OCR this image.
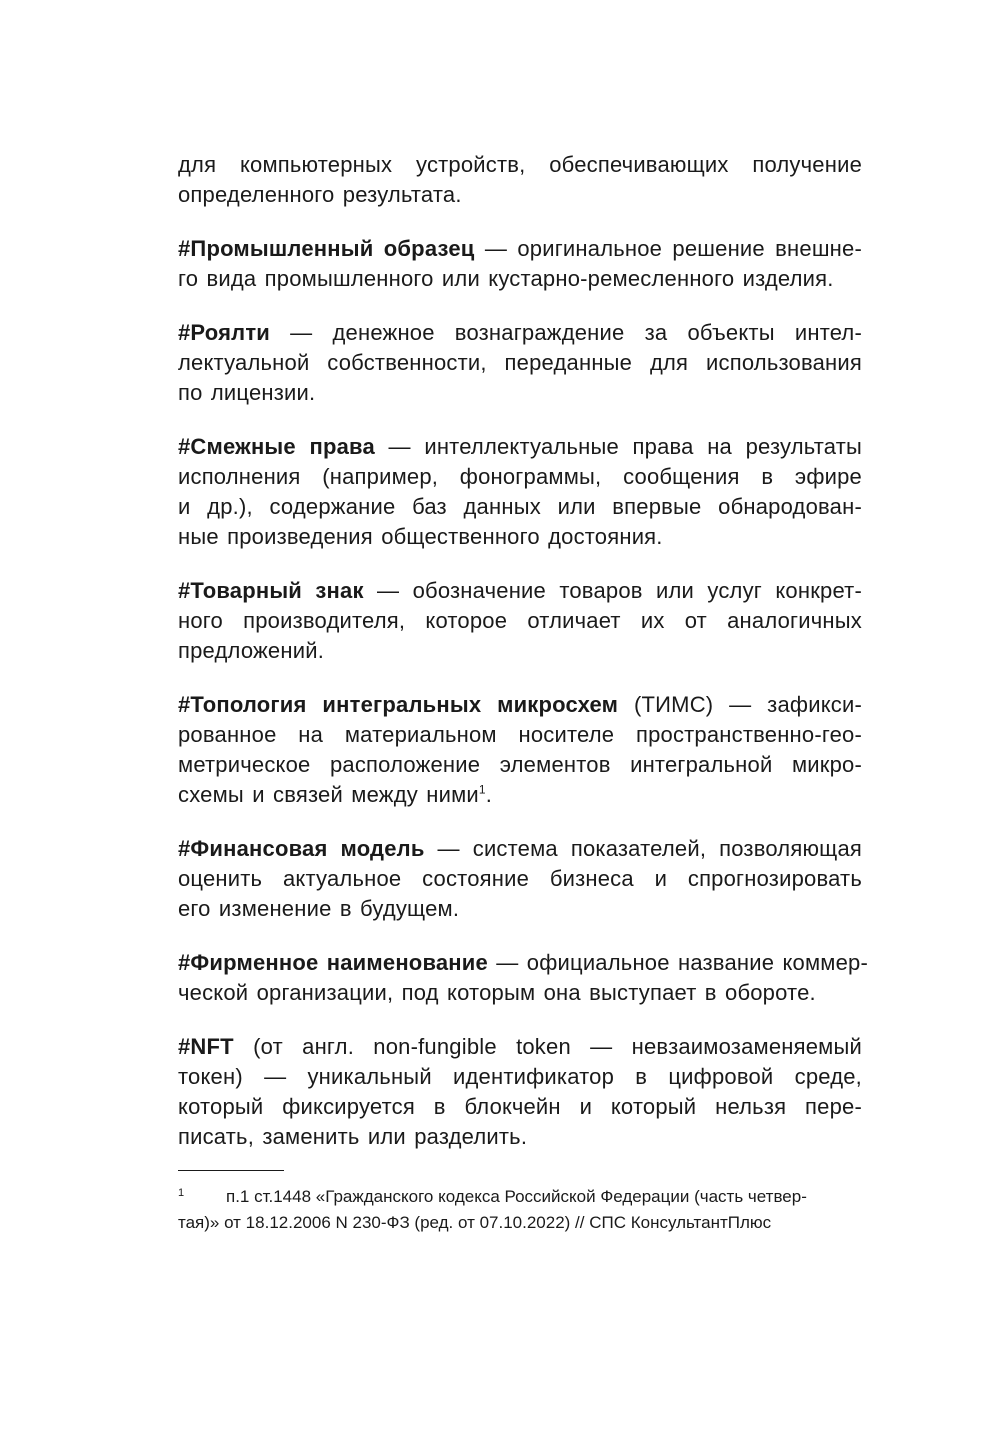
для компьютерных устройств, обеспечивающих получение
определенного результата.

#Промышленный образец — оригинальное решение внешне-
го вида промышленного или кустарно-ремесленного изделия.

#Роялти — денежное вознаграждение за объекты интел-
лектуальной собственности, переданные для использования
по лицензии.

#Смежные права — интеллектуальные права на результаты
исполнения (например, фонограммы, сообщения в эфире
и др.), содержание баз данных или впервые обнародован-
ные произведения общественного достояния.

#Товарный знак — обозначение товаров или услуг конкрет-
ного производителя, которое отличает их от аналогичных
предложений.

#Топология интегральных микросхем (ТИМС) — зафикси-
рованное на материальном носителе пространственно-гео-
метрическое расположение элементов интегральной микро-
схемы и связей между ними$^1$.

#Финансовая модель — система показателей, позволяющая
оценить актуальное состояние бизнеса и спрогнозировать
его изменение в будущем.

#Фирменное наименование — официальное название коммер-
ческой организации, под которым она выступает в обороте.

#NFT (от англ. non-fungible token — невзаимозаменяемый
токен) — уникальный идентификатор в цифровой среде,
который фиксируется в блокчейн и который нельзя пере-
писать, заменить или разделить.

1	п.1 ст.1448 «Гражданского кодекса Российской Федерации (часть четвер-
тая)» от 18.12.2006 N 230-ФЗ (ред. от 07.10.2022) // СПС КонсультантПлюс
